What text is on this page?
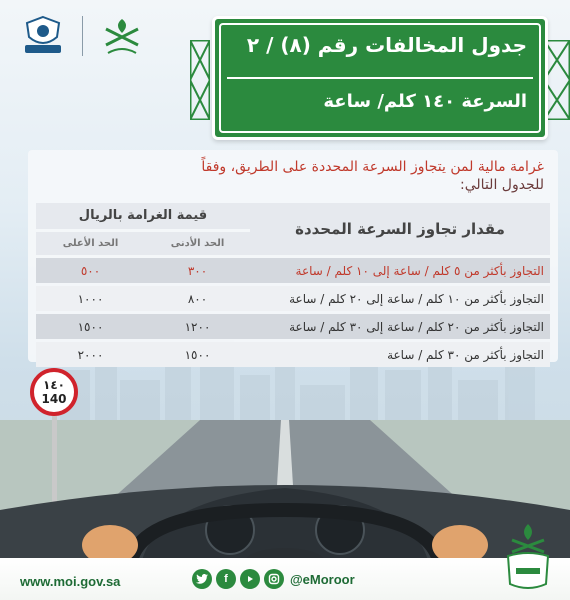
جدول المخالفات رقم (٨) / ٢
السرعة ١٤٠ كلم/ ساعة
غرامة مالية لمن يتجاوز السرعة المحددة على الطريق، وفقاً
للجدول التالي:
مقدار تجاوز السرعة المحددة	قيمة الغرامة بالريال	
	الحد الأدنى	الحد الأعلى
التجاوز بأكثر من ٥ كلم / ساعة إلى ١٠ كلم / ساعة	٣٠٠	٥٠٠
التجاوز بأكثر من ١٠ كلم / ساعة إلى ٢٠ كلم / ساعة	٨٠٠	١٠٠٠
التجاوز بأكثر من ٢٠ كلم / ساعة إلى ٣٠ كلم / ساعة	١٢٠٠	١٥٠٠
التجاوز بأكثر من ٣٠ كلم / ساعة	١٥٠٠	٢٠٠٠
١٤٠
140
www.moi.gov.sa	f	@eMoroor
